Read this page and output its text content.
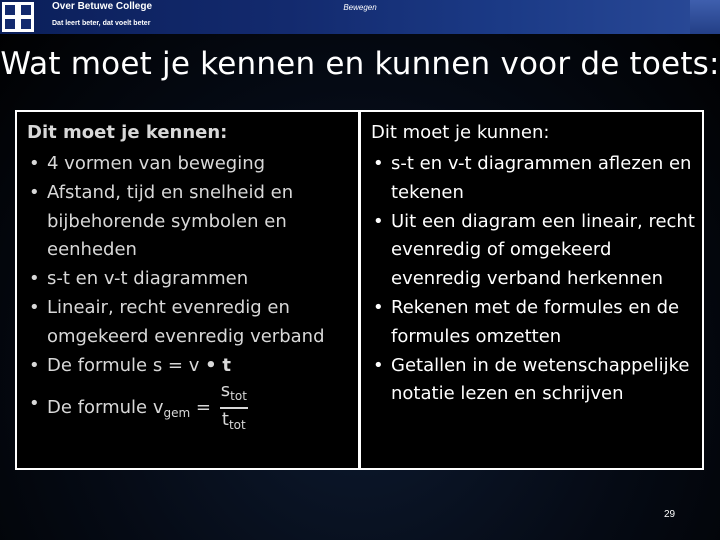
Over Betuwe College
Dat leert beter, dat voelt beter
Bewegen
Wat moet je kennen en kunnen voor de toets:
Dit moet je kennen:
• 4 vormen van beweging
• Afstand, tijd en snelheid en bijbehorende symbolen en eenheden
• s-t en v-t diagrammen
• Lineair, recht evenredig en omgekeerd evenredig verband
• De formule s = v • t
• De formule $v_{gem} = \frac{s_{tot}}{t_{tot}}$
Dit moet je kunnen:
• s-t en v-t diagrammen aflezen en tekenen
• Uit een diagram een lineair, recht evenredig of omgekeerd evenredig verband herkennen
• Rekenen met de formules en de formules omzetten
• Getallen in de wetenschappelijke notatie lezen en schrijven
29
